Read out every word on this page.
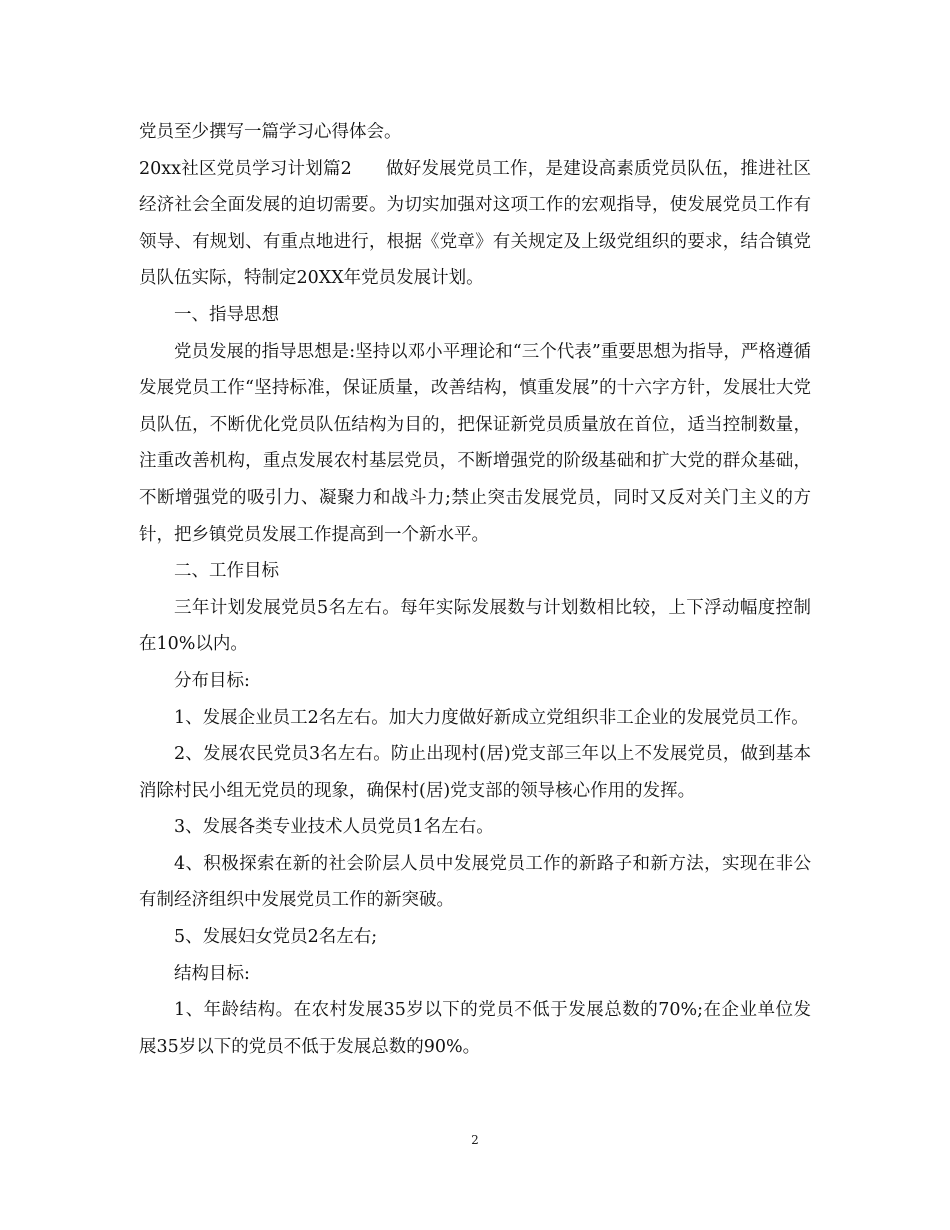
党员至少撰写一篇学习心得体会。

20xx社区党员学习计划篇2 做好发展党员工作，是建设高素质党员队伍，推进社区经济社会全面发展的迫切需要。为切实加强对这项工作的宏观指导，使发展党员工作有领导、有规划、有重点地进行，根据《党章》有关规定及上级党组织的要求，结合镇党员队伍实际，特制定20XX年党员发展计划。

一、指导思想

党员发展的指导思想是:坚持以邓小平理论和“三个代表”重要思想为指导，严格遵循发展党员工作“坚持标准，保证质量，改善结构，慎重发展”的十六字方针，发展壮大党员队伍，不断优化党员队伍结构为目的，把保证新党员质量放在首位，适当控制数量，注重改善机构，重点发展农村基层党员，不断增强党的阶级基础和扩大党的群众基础，不断增强党的吸引力、凝聚力和战斗力;禁止突击发展党员，同时又反对关门主义的方针，把乡镇党员发展工作提高到一个新水平。

二、工作目标

三年计划发展党员5名左右。每年实际发展数与计划数相比较，上下浮动幅度控制在10%以内。

分布目标:

1、发展企业员工2名左右。加大力度做好新成立党组织非工企业的发展党员工作。

2、发展农民党员3名左右。防止出现村(居)党支部三年以上不发展党员，做到基本消除村民小组无党员的现象，确保村(居)党支部的领导核心作用的发挥。

3、发展各类专业技术人员党员1名左右。

4、积极探索在新的社会阶层人员中发展党员工作的新路子和新方法，实现在非公有制经济组织中发展党员工作的新突破。

5、发展妇女党员2名左右;

结构目标:

1、年龄结构。在农村发展35岁以下的党员不低于发展总数的70%;在企业单位发展35岁以下的党员不低于发展总数的90%。

2
